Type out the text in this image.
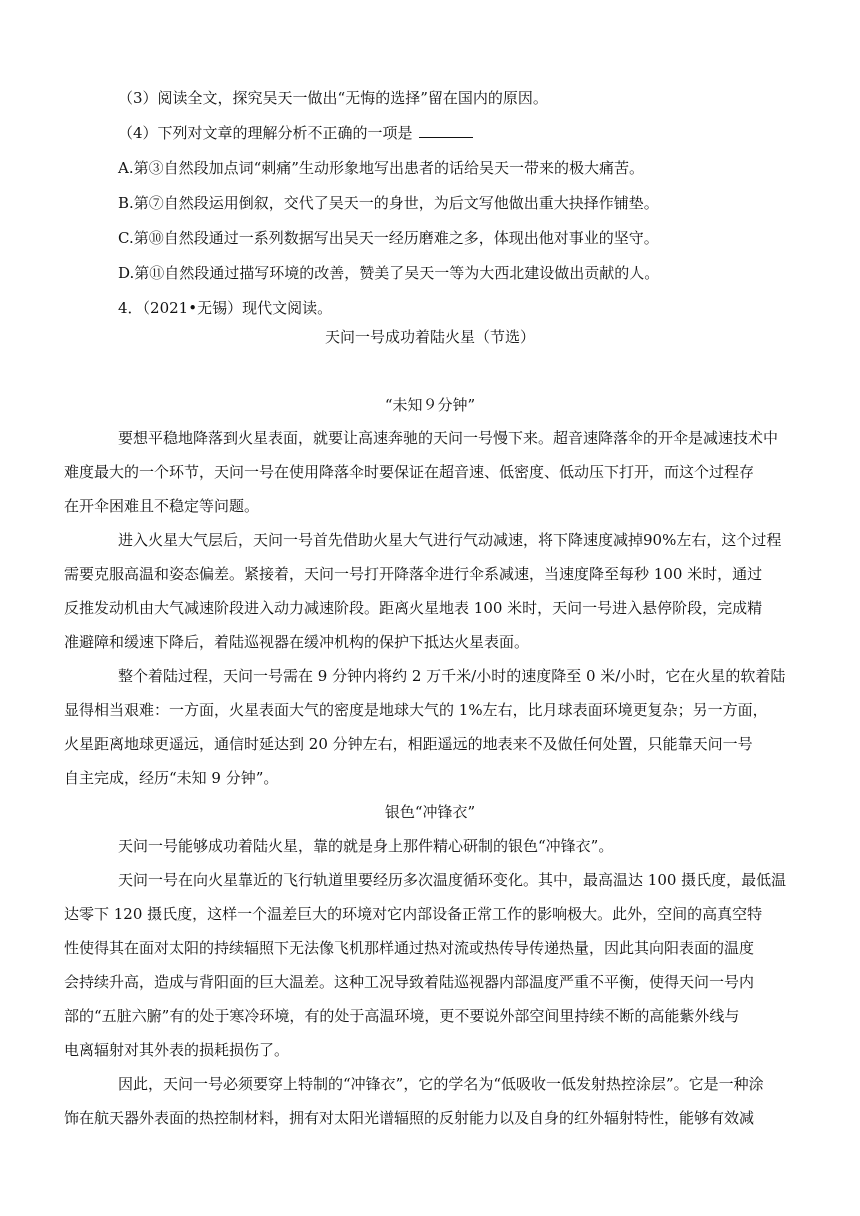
（3）阅读全文，探究吴天一做出“无悔的选择”留在国内的原因。
（4）下列对文章的理解分析不正确的一项是
A.第③自然段加点词“刺痛”生动形象地写出患者的话给吴天一带来的极大痛苦。
B.第⑦自然段运用倒叙，交代了吴天一的身世，为后文写他做出重大抉择作铺垫。
C.第⑩自然段通过一系列数据写出吴天一经历磨难之多，体现出他对事业的坚守。
D.第⑪自然段通过描写环境的改善，赞美了吴天一等为大西北建设做出贡献的人。
4．（2021•无锡）现代文阅读。
天问一号成功着陆火星（节选）
“未知９分钟”
要想平稳地降落到火星表面，就要让高速奔驰的天问一号慢下来。超音速降落伞的开伞是减速技术中
难度最大的一个环节，天问一号在使用降落伞时要保证在超音速、低密度、低动压下打开，而这个过程存
在开伞困难且不稳定等问题。
进入火星大气层后，天问一号首先借助火星大气进行气动减速，将下降速度减掉90%左右，这个过程
需要克服高温和姿态偏差。紧接着，天问一号打开降落伞进行伞系减速，当速度降至每秒 100 米时，通过
反推发动机由大气减速阶段进入动力减速阶段。距离火星地表 100 米时，天问一号进入悬停阶段，完成精
准避障和缓速下降后，着陆巡视器在缓冲机构的保护下抵达火星表面。
整个着陆过程，天问一号需在 9 分钟内将约 2 万千米/小时的速度降至 0 米/小时，它在火星的软着陆
显得相当艰难：一方面，火星表面大气的密度是地球大气的 1%左右，比月球表面环境更复杂；另一方面，
火星距离地球更遥远，通信时延达到 20 分钟左右，相距遥远的地表来不及做任何处置，只能靠天问一号
自主完成，经历“未知 9 分钟”。
银色“冲锋衣”
天问一号能够成功着陆火星，靠的就是身上那件精心研制的银色“冲锋衣”。
天问一号在向火星靠近的飞行轨道里要经历多次温度循环变化。其中，最高温达 100 摄氏度，最低温
达零下 120 摄氏度，这样一个温差巨大的环境对它内部设备正常工作的影响极大。此外，空间的高真空特
性使得其在面对太阳的持续辐照下无法像飞机那样通过热对流或热传导传递热量，因此其向阳表面的温度
会持续升高，造成与背阳面的巨大温差。这种工况导致着陆巡视器内部温度严重不平衡，使得天问一号内
部的“五脏六腑”有的处于寒冷环境，有的处于高温环境，更不要说外部空间里持续不断的高能紫外线与
电离辐射对其外表的损耗损伤了。
因此，天问一号必须要穿上特制的“冲锋衣”，它的学名为“低吸收一低发射热控涂层”。它是一种涂
饰在航天器外表面的热控制材料，拥有对太阳光谱辐照的反射能力以及自身的红外辐射特性，能够有效减
